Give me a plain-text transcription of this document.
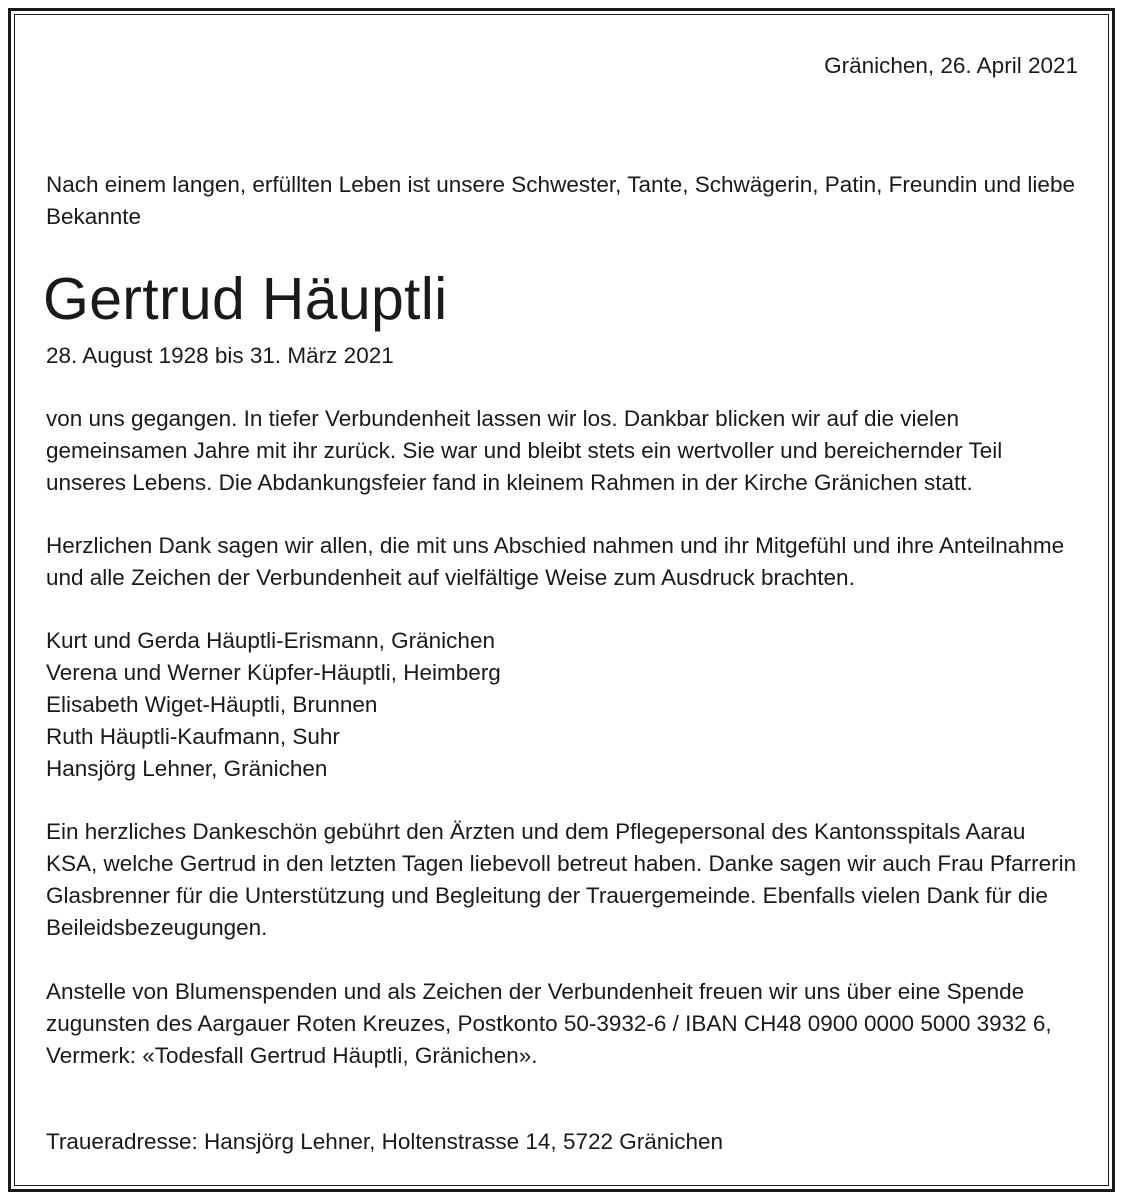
Gränichen, 26. April 2021

Nach einem langen, erfüllten Leben ist unsere Schwester, Tante, Schwägerin, Patin, Freundin und liebe Bekannte

Gertrud Häuptli

28. August 1928 bis 31. März 2021

von uns gegangen. In tiefer Verbundenheit lassen wir los. Dankbar blicken wir auf die vielen gemeinsamen Jahre mit ihr zurück. Sie war und bleibt stets ein wertvoller und bereichernder Teil unseres Lebens. Die Abdankungsfeier fand in kleinem Rahmen in der Kirche Gränichen statt.

Herzlichen Dank sagen wir allen, die mit uns Abschied nahmen und ihr Mitgefühl und ihre Anteilnahme und alle Zeichen der Verbundenheit auf vielfältige Weise zum Ausdruck brachten.

Kurt und Gerda Häuptli-Erismann, Gränichen
Verena und Werner Küpfer-Häuptli, Heimberg
Elisabeth Wiget-Häuptli, Brunnen
Ruth Häuptli-Kaufmann, Suhr
Hansjörg Lehner, Gränichen

Ein herzliches Dankeschön gebührt den Ärzten und dem Pflegepersonal des Kantonsspitals Aarau KSA, welche Gertrud in den letzten Tagen liebevoll betreut haben. Danke sagen wir auch Frau Pfarrerin Glasbrenner für die Unterstützung und Begleitung der Trauergemeinde. Ebenfalls vielen Dank für die Beileidsbezeugungen.

Anstelle von Blumenspenden und als Zeichen der Verbundenheit freuen wir uns über eine Spende zugunsten des Aargauer Roten Kreuzes, Postkonto 50-3932-6 / IBAN CH48 0900 0000 5000 3932 6, Vermerk: «Todesfall Gertrud Häuptli, Gränichen».

Traueradresse: Hansjörg Lehner, Holtenstrasse 14, 5722 Gränichen
